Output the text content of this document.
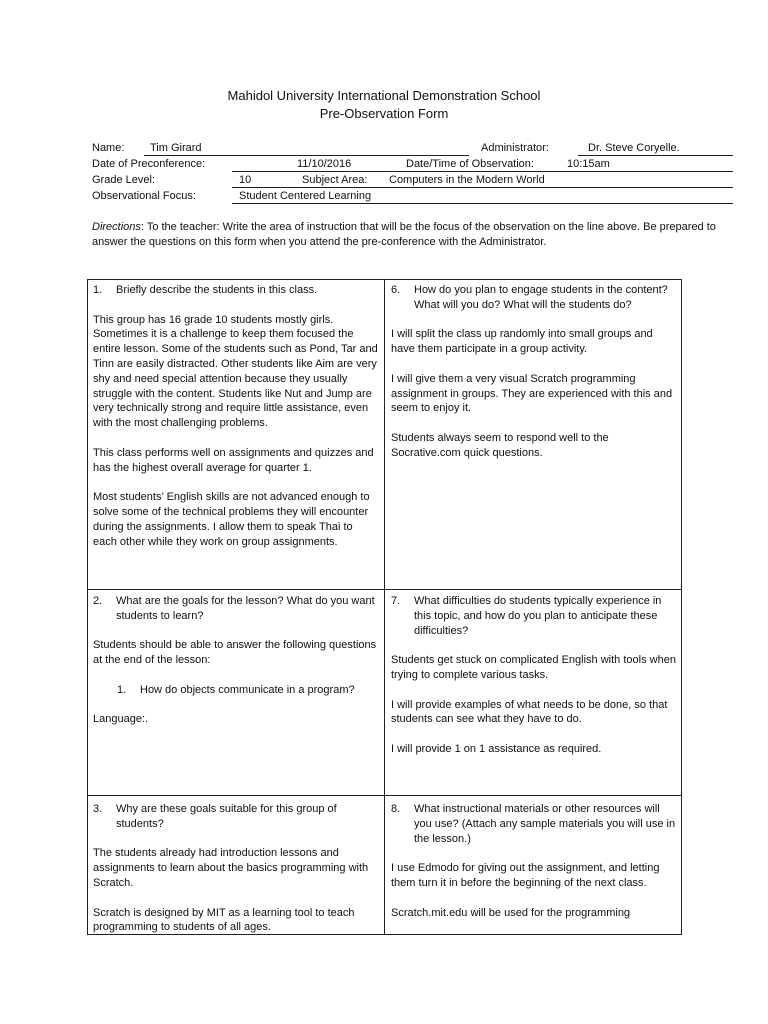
Mahidol University International Demonstration School
Pre-Observation Form
Name: Tim Girard	Administrator:	Dr. Steve Coryelle.
Date of Preconference:	11/10/2016	Date/Time of Observation:	10:15am
Grade Level:	10	Subject Area: Computers in the Modern World
Observational Focus:	Student Centered Learning
Directions: To the teacher: Write the area of instruction that will be the focus of the observation on the line above. Be prepared to answer the questions on this form when you attend the pre-conference with the Administrator.
1. Briefly describe the students in this class.

This group has 16 grade 10 students mostly girls. Sometimes it is a challenge to keep them focused the entire lesson. Some of the students such as Pond, Tar and Tinn are easily distracted. Other students like Aim are very shy and need special attention because they usually struggle with the content. Students like Nut and Jump are very technically strong and require little assistance, even with the most challenging problems.

This class performs well on assignments and quizzes and has the highest overall average for quarter 1.

Most students’ English skills are not advanced enough to solve some of the technical problems they will encounter during the assignments. I allow them to speak Thai to each other while they work on group assignments.

6. How do you plan to engage students in the content? What will you do? What will the students do?

I will split the class up randomly into small groups and have them participate in a group activity.

I will give them a very visual Scratch programming assignment in groups. They are experienced with this and seem to enjoy it.

Students always seem to respond well to the Socrative.com quick questions.

2. What are the goals for the lesson? What do you want students to learn?

Students should be able to answer the following questions at the end of the lesson:

1. How do objects communicate in a program?

Language:.

7. What difficulties do students typically experience in this topic, and how do you plan to anticipate these difficulties?

Students get stuck on complicated English with tools when trying to complete various tasks.

I will provide examples of what needs to be done, so that students can see what they have to do.

I will provide 1 on 1 assistance as required.

3. Why are these goals suitable for this group of students?

The students already had introduction lessons and assignments to learn about the basics programming with Scratch.

Scratch is designed by MIT as a learning tool to teach programming to students of all ages.

8. What instructional materials or other resources will you use? (Attach any sample materials you will use in the lesson.)

I use Edmodo for giving out the assignment, and letting them turn it in before the beginning of the next class.

Scratch.mit.edu will be used for the programming
